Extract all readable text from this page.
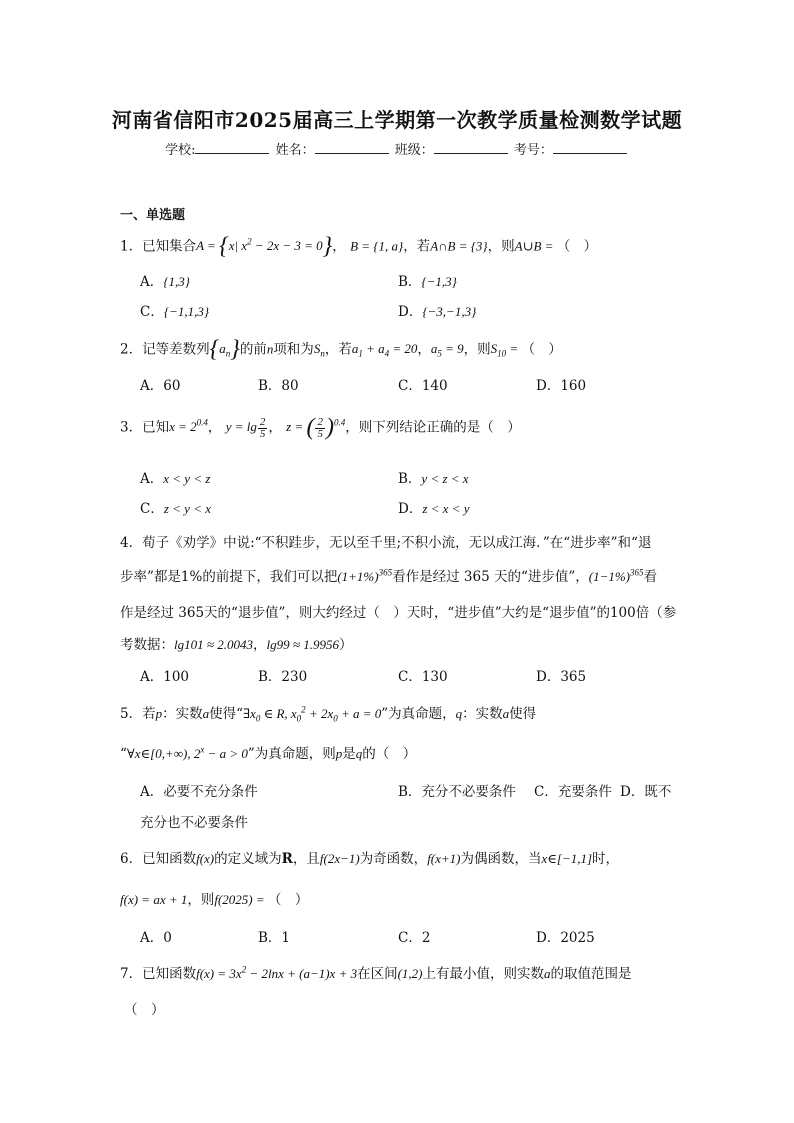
河南省信阳市2025届高三上学期第一次教学质量检测数学试题
学校:	姓名：	班级：	考号：
一、单选题
1．已知集合A = {x| $x^2 - 2x - 3 = 0$}， B = {1, a}，若A∩B = {3}，则A∪B = （　）
A．{1,3}	B．{−1,3}
C．{−1,1,3}	D．{−3,−1,3}
2．记等差数列$\{a_n\}$的前n项和为$S_n$，若$a_1 + a_4 = 20$，$a_5 = 9$，则$S_{10}$ = （　）
A．60	B．80	C．140	D．160
3．已知$x = 2^{0.4}$， $y = \lg \frac{2}{5}$ ， z = ( $\frac{2}{5} )^{0.4}$，则下列结论正确的是（　）
A．x < y < z	B．y < z < x
C．z < y < x	D．z < x < y
4．荀子《劝学》中说:“不积跬步，无以至千里;不积小流，无以成江海．”在“进步率”和“退
步率”都是1%的前提下，我们可以把$(1+1\%)^{365}$看作是经过 365 天的“进步值”，$(1-1\%)^{365}$看
作是经过 365天的“退步值”，则大约经过（　）天时，“进步值”大约是“退步值”的100倍（参
考数据：lg101 ≈ 2.0043，lg99 ≈ 1.9956）
A．100	B．230	C．130	D．365
5．若p：实数a使得“$\exists x_0$ ∈ R, $x_0^2 + 2x_0 + a = 0$”为真命题，q：实数a使得
“∀x∈[0,+∞), $2^x - a > 0$”为真命题，则p是q的（　）
A．必要不充分条件	B．充分不必要条件 C．充要条件 D．既不
充分也不必要条件
6．已知函数f(x)的定义域为R，且f(2x−1)为奇函数，f(x+1)为偶函数，当x∈[−1,1]时，
f(x) = ax + 1，则f(2025) = （　）
A．0	B．1	C．2	D．2025
7．已知函数$f(x) = 3x^2 - 2\ln x + (a-1)x + 3$在区间(1,2)上有最小值，则实数a的取值范围是
（　）
